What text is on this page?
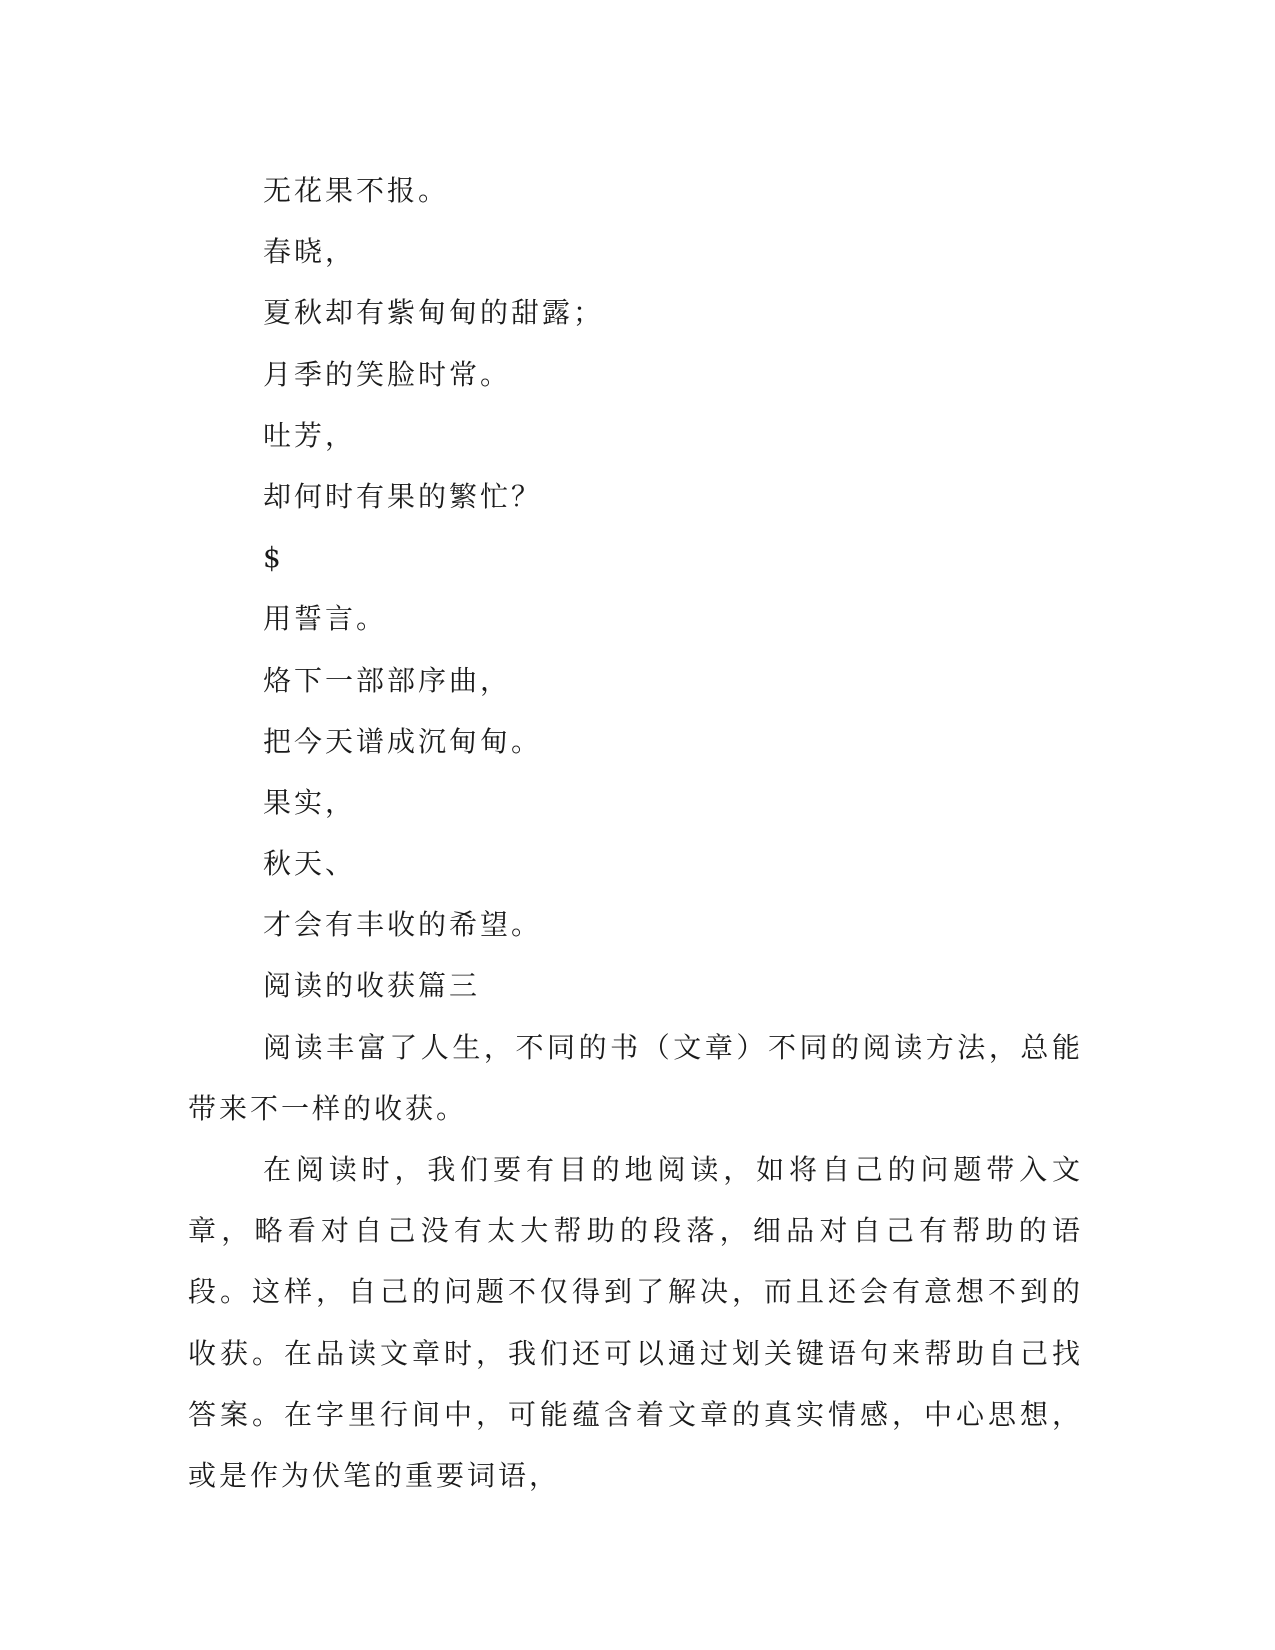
无花果不报。
春晓，
夏秋却有紫甸甸的甜露；
月季的笑脸时常。
吐芳，
却何时有果的繁忙？
$
用誓言。
烙下一部部序曲，
把今天谱成沉甸甸。
果实，
秋天、
才会有丰收的希望。
阅读的收获篇三

阅读丰富了人生，不同的书（文章）不同的阅读方法，总能带来不一样的收获。

在阅读时，我们要有目的地阅读，如将自己的问题带入文章，略看对自己没有太大帮助的段落，细品对自己有帮助的语段。这样，自己的问题不仅得到了解决，而且还会有意想不到的收获。在品读文章时，我们还可以通过划关键语句来帮助自己找答案。在字里行间中，可能蕴含着文章的真实情感，中心思想，或是作为伏笔的重要词语，
